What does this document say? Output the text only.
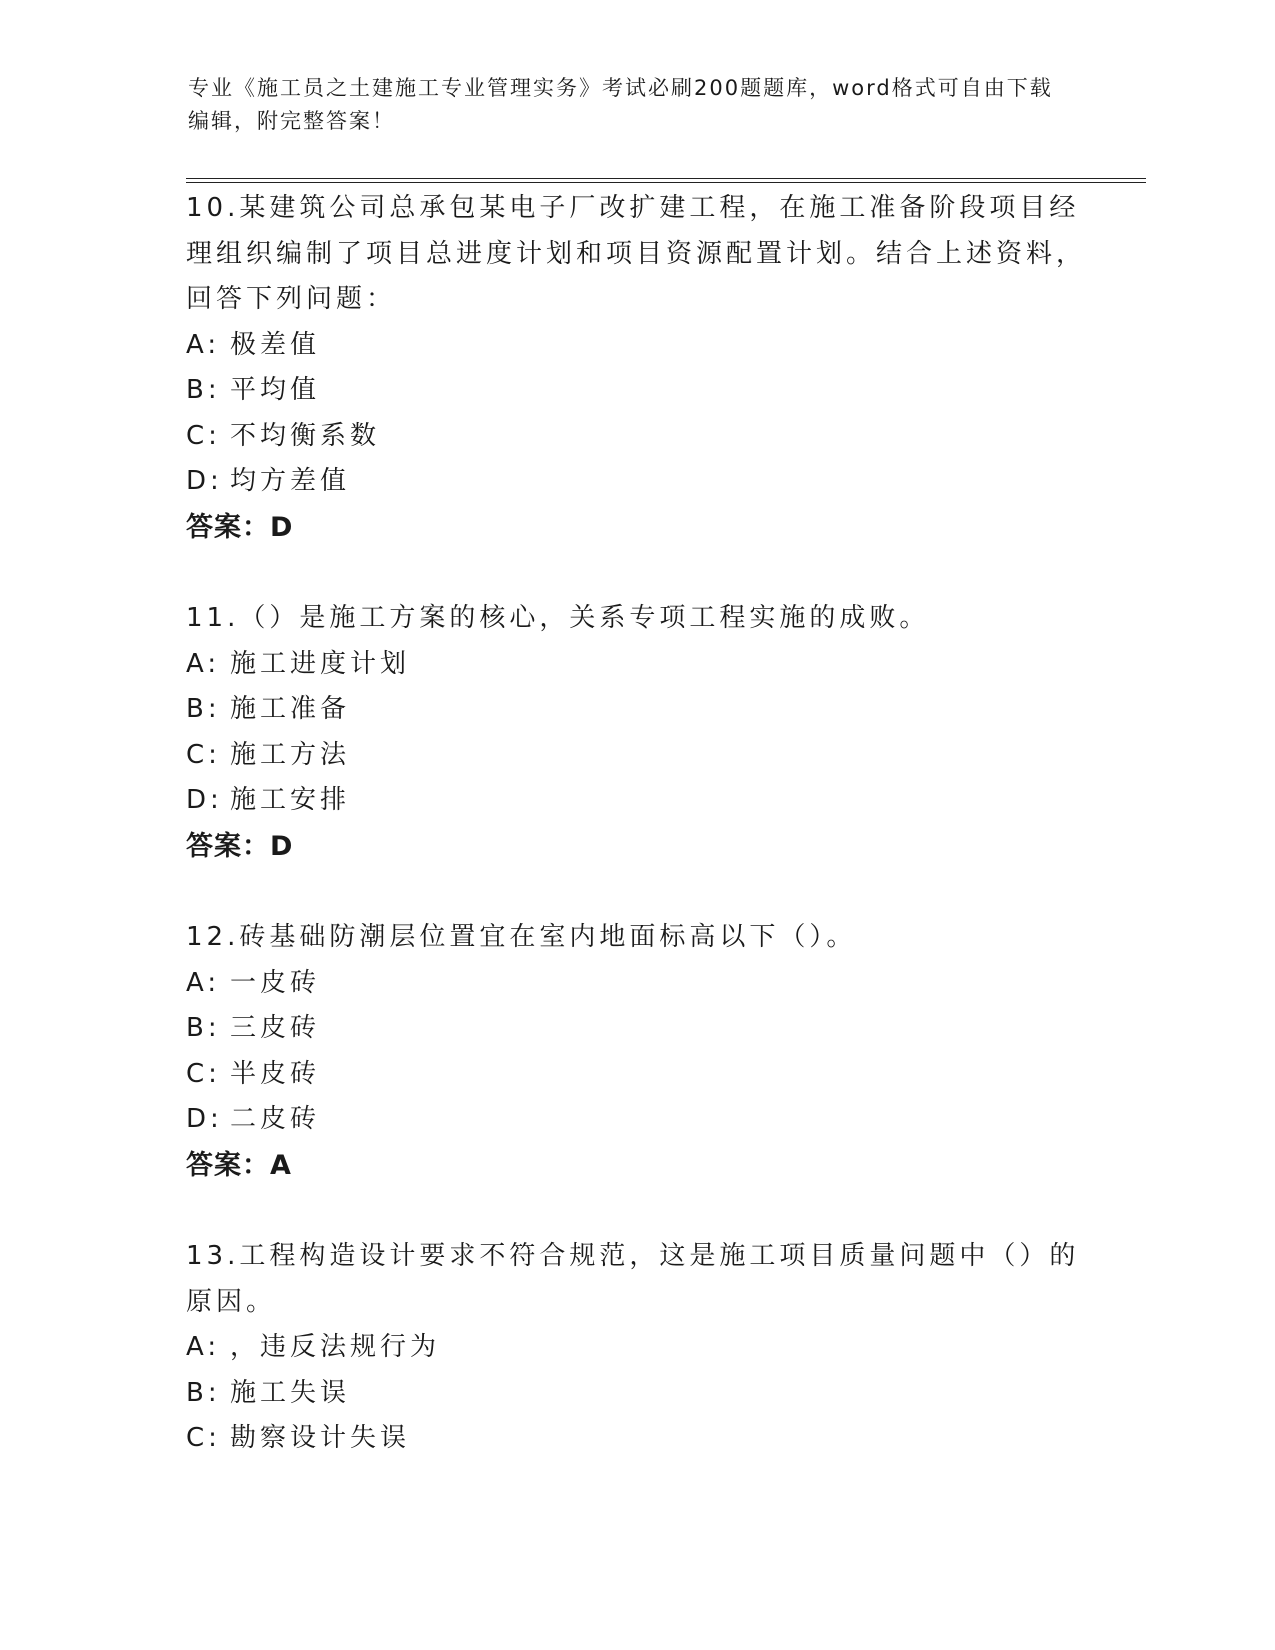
专业《施工员之土建施工专业管理实务》考试必刷200题题库，word格式可自由下载编辑，附完整答案！

10.某建筑公司总承包某电子厂改扩建工程，在施工准备阶段项目经理组织编制了项目总进度计划和项目资源配置计划。结合上述资料，回答下列问题：

A: 极差值
B: 平均值
C: 不均衡系数
D: 均方差值
答案：D

11.（）是施工方案的核心，关系专项工程实施的成败。

A: 施工进度计划
B: 施工准备
C: 施工方法
D: 施工安排
答案：D

12.砖基础防潮层位置宜在室内地面标高以下（）。

A: 一皮砖
B: 三皮砖
C: 半皮砖
D: 二皮砖
答案：A

13.工程构造设计要求不符合规范，这是施工项目质量问题中（）的原因。

A: ，违反法规行为
B: 施工失误
C: 勘察设计失误
